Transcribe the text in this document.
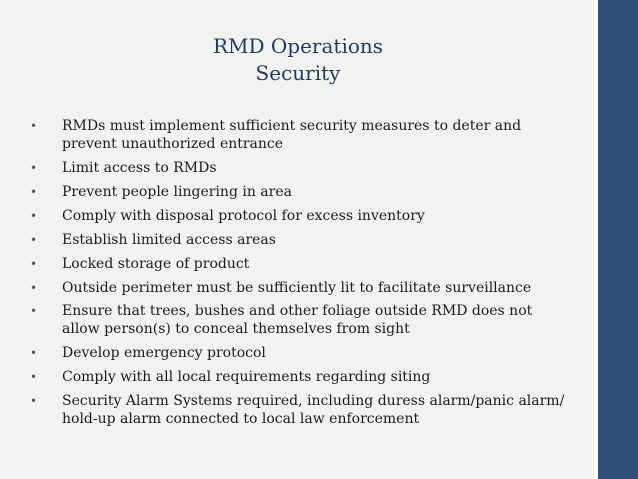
RMD Operations
Security
• RMDs must implement sufficient security measures to deter and prevent unauthorized entrance
• Limit access to RMDs
• Prevent people lingering in area
• Comply with disposal protocol for excess inventory
• Establish limited access areas
• Locked storage of product
• Outside perimeter must be sufficiently lit to facilitate surveillance
• Ensure that trees, bushes and other foliage outside RMD does not allow person(s) to conceal themselves from sight
• Develop emergency protocol
• Comply with all local requirements regarding siting
• Security Alarm Systems required, including duress alarm/panic alarm/ hold-up alarm connected to local law enforcement
